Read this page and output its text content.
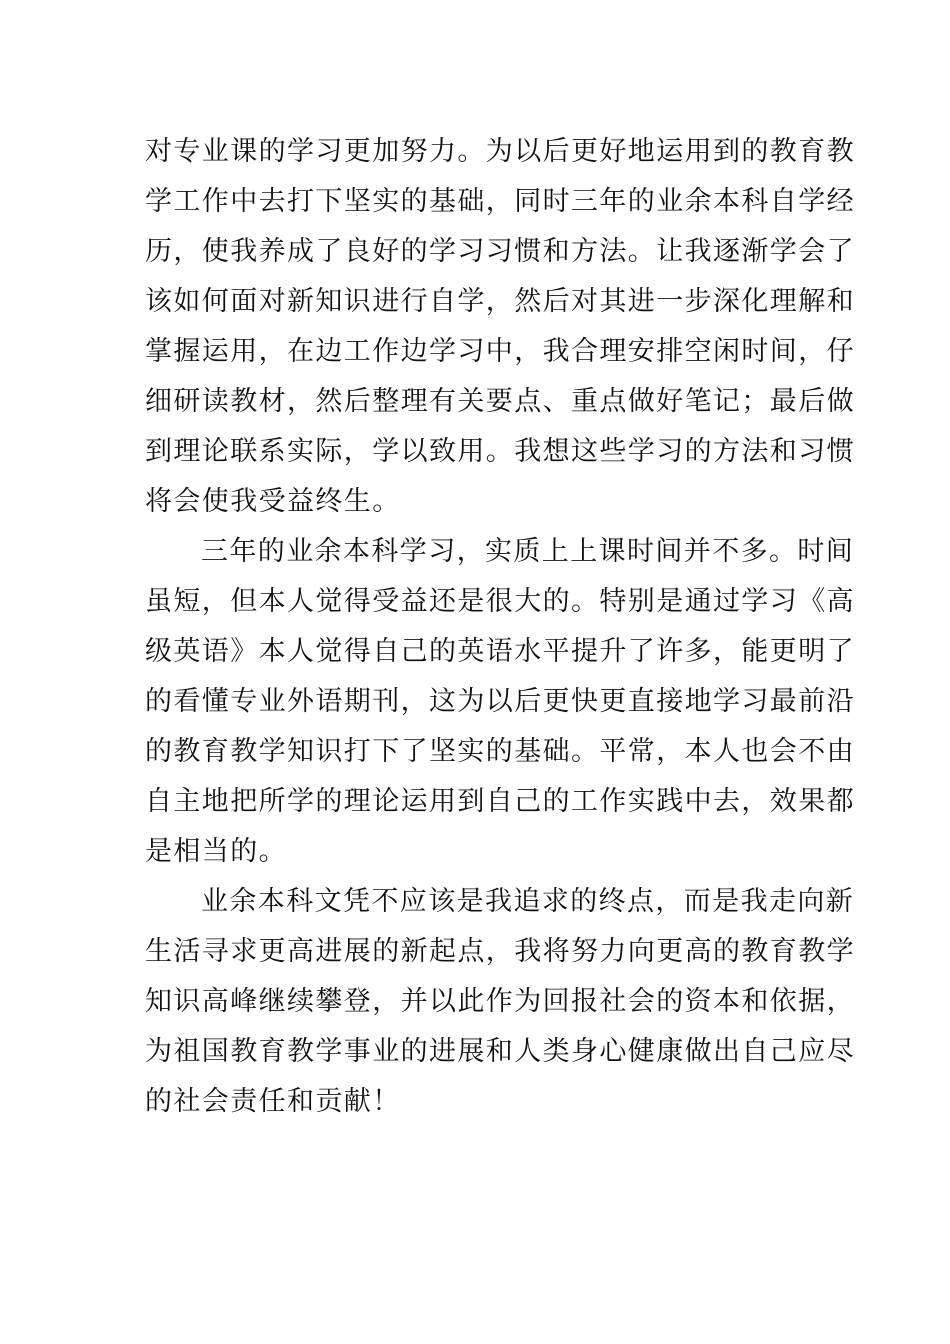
对专业课的学习更加努力。为以后更好地运用到的教育教
学工作中去打下坚实的基础，同时三年的业余本科自学经
历，使我养成了良好的学习习惯和方法。让我逐渐学会了
该如何面对新知识进行自学，然后对其进一步深化理解和
掌握运用，在边工作边学习中，我合理安排空闲时间，仔
细研读教材，然后整理有关要点、重点做好笔记；最后做
到理论联系实际，学以致用。我想这些学习的方法和习惯
将会使我受益终生。
三年的业余本科学习，实质上上课时间并不多。时间
虽短，但本人觉得受益还是很大的。特别是通过学习《高
级英语》本人觉得自己的英语水平提升了许多，能更明了
的看懂专业外语期刊，这为以后更快更直接地学习最前沿
的教育教学知识打下了坚实的基础。平常，本人也会不由
自主地把所学的理论运用到自己的工作实践中去，效果都
是相当的。
业余本科文凭不应该是我追求的终点，而是我走向新
生活寻求更高进展的新起点，我将努力向更高的教育教学
知识高峰继续攀登，并以此作为回报社会的资本和依据，
为祖国教育教学事业的进展和人类身心健康做出自己应尽
的社会责任和贡献！
